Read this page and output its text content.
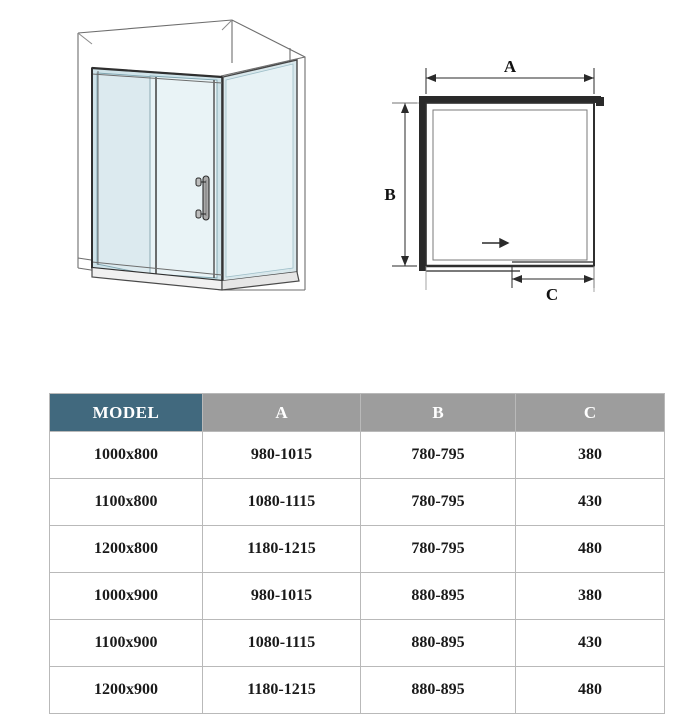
A
B
C
MODEL	A	B	C
1000x800	980-1015	780-795	380
1100x800	1080-1115	780-795	430
1200x800	1180-1215	780-795	480
1000x900	980-1015	880-895	380
1100x900	1080-1115	880-895	430
1200x900	1180-1215	880-895	480
